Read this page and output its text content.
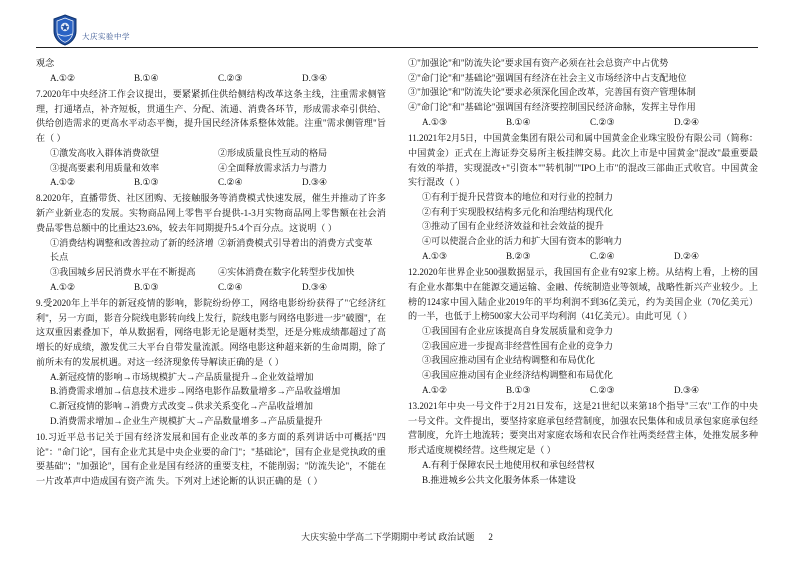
大庆实验中学
观念
A.①②	B.①④	C.②③	D.③④
7.2020年中央经济工作会议提出，要紧紧抓住供给侧结构改革这条主线，注重需求侧管理，打通堵点，补齐短板，贯通生产、分配、流通、消费各环节，形成需求牵引供给、供给创造需求的更高水平动态平衡，提升国民经济体系整体效能。注重"需求侧管理"旨在（ ）
①激发高收入群体消费欲望	②形成质量良性互动的格局
③提高要素利用质量和效率	④全面释放需求活力与潜力
A.①②	B.①③	C.②④	D.③④
8.2020年，直播带货、社区团购、无接触服务等消费模式快速发展，催生并推动了许多新产业新业态的发展。实物商品网上零售平台提供-1-3月实物商品网上零售额在社会消费品零售总额中的比重达23.6%，较去年同期提升5.4个百分点。这说明（ ）
①消费结构调整和改善拉动了新的经济增长点
②新消费模式引导着出的消费方式变革
③我国城乡居民消费水平在不断提高	④实体消费在数字化转型步伐加快
A.①②	B.①③	C.②④	D.③④
9.受2020年上半年的新冠疫情的影响，影院纷纷停工，网络电影纷纷获得了"它经济红利"，另一方面，影音分院线电影转向线上发行，院线电影与网络电影进一步"破圈"，在这双重因素叠加下，单从数据看，网络电影无论是题材类型，还是分账成绩都超过了高增长的好成绩，激发优三大平台自带发量流派。网络电影这种超来新的生命周期，除了前所未有的发展机遇。对这一经济现象传导解读正确的是（ ）
A.新冠疫情的影响→市场规模扩大→产品质量提升→企业效益增加
B.消费需求增加→信息技术进步→网络电影作品数量增多→产品收益增加
C.新冠疫情的影响→消费方式改变→供求关系变化→产品收益增加
D.消费需求增加→企业生产规模扩大→产品数量增多→产品质量提升
10.习近平总书记关于国有经济发展和国有企业改革的多方面的系列讲话中可概括"四论"："命门论"，国有企业尤其是中央企业要的命门"；"基础论"，国有企业是党执政的重要基础"；"加强论"，国有企业是国有经济的重要支柱，不能削弱；"防流失论"，不能在一片改革声中造成国有资产流 失。下列对上述论断的认识正确的是（ ）
①"加强论"和"防流失论"要求国有资产必须在社会总资产中占优势
②"命门论"和"基础论"强调国有经济在社会主义市场经济中占支配地位
③"加强论"和"防流失论"要求必须深化国企改革，完善国有资产管理体制
④"命门论"和"基础论"强调国有经济要控制国民经济命脉，发挥主导作用
A.①③	B.①④	C.②③	D.②④
11.2021年2月5日，中国黄金集团有限公司和属中国黄金企业珠宝股份有限公司（简称：中国黄金）正式在上海证券交易所主板挂牌交易。此次上市是中国黄金"混改"最重要最有效的举措，实现混改+"引资本""转机制""IPO上市"的混改三部曲正式收官。中国黄金实行混改（ ）
①有利于提升民营资本的地位和对行业的控制力
②有利于实现股权结构多元化和治理结构现代化
③推动了国有企业经济效益和社会效益的提升
④可以使混合企业的活力和扩大国有资本的影响力
A.①③	B.②③	C.②④	D.②④
12.2020年世界企业500强数据显示，我国国有企业有92家上榜。从结构上看，上榜的国有企业水都集中在能源交通运输、金融、传统制造业等领域，战略性新兴产业较少。上榜的124家中国入陆企业2019年的平均利润不到36亿美元，约为美国企业（70亿美元）的一半，也低于上榜500家大公司平均利润（41亿美元）。由此可见（ ）
①我国国有企业应该提高自身发展质量和竞争力
②我国应进一步提高非经营性国有企业的竞争力
③我国应推动国有企业结构调整和布局优化
④我国应推动国有企业经济结构调整和布局优化
A.①②	B.①③	C.②③	D.③④
13.2021年中央一号文件于2月21日发布，这是21世纪以来第18个指导"三农"工作的中央一号文件。文件提出，要坚持家庭承包经营制度，加强农民集体和成员承包家庭承包经营制度，允许土地流转；要突出对家庭农场和农民合作社两类经营主体，处推发展多种形式适度规模经营。这些规定是（ ）
A.有利于保障农民土地使用权和承包经营权
B.推进城乡公共文化服务体系一体建设
大庆实验中学高二下学期期中考试 政治试题 2
